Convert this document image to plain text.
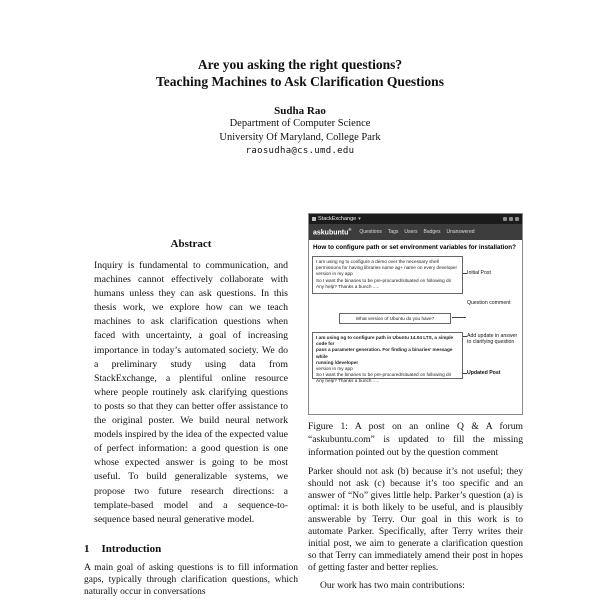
Are you asking the right questions?
Teaching Machines to Ask Clarification Questions
Sudha Rao
Department of Computer Science
University Of Maryland, College Park
raosudha@cs.umd.edu
Abstract

Inquiry is fundamental to communication, and machines cannot effectively collaborate with humans unless they can ask questions. In this thesis work, we explore how can we teach machines to ask clarification questions when faced with uncertainty, a goal of increasing importance in today’s automated society. We do a preliminary study using data from StackExchange, a plentiful online resource where people routinely ask clarifying questions to posts so that they can better offer assistance to the original poster. We build neural network models inspired by the idea of the expected value of perfect information: a good question is one whose expected answer is going to be most useful. To build generalizable systems, we propose two future research directions: a template-based model and a sequence-to-sequence based neural generative model.

1 Introduction

A main goal of asking questions is to fill information gaps, typically through clarification questions, which naturally occur in conversations

StackExchange ▾
askubuntu® Questions Tags Users Badges Unanswered
How to configure path or set environment variables for installation?
I am using ng to configure a demo over the necessary shell
permissions for having libraries name ag+ name on every developer
version in my app
So I want the binaries to be pre-procured/situated on following dir
Any help? Thanks a bunch .....
Initial Post
Question comment
What version of Ubuntu do you have?
I am using ng to configure path in Ubuntu 14.04 LTS, a simple code for
pass a parameter generation. For finding a binaries’ message while
running /developer
version in my app
So I want the binaries to be pre-procured/situated on following dir
Any help? Thanks a bunch .....
Add update in answer to clarifying question
Updated Post
Figure 1: A post on an online Q & A forum “askubuntu.com” is updated to fill the missing information pointed out by the question comment

Parker should not ask (b) because it’s not useful; they should not ask (c) because it’s too specific and an answer of “No” gives little help. Parker’s question (a) is optimal: it is both likely to be useful, and is plausibly answerable by Terry. Our goal in this work is to automate Parker. Specifically, after Terry writes their initial post, we aim to generate a clarification question so that Terry can immediately amend their post in hopes of getting faster and better replies.

Our work has two main contributions:
